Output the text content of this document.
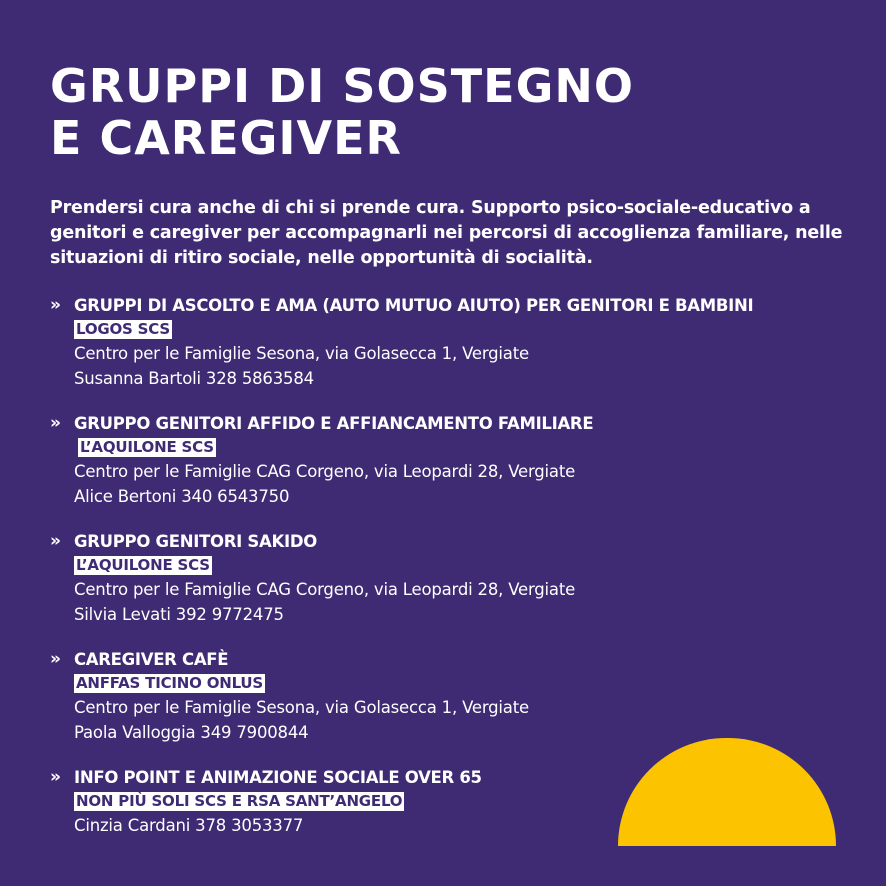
GRUPPI DI SOSTEGNO
E CAREGIVER

Prendersi cura anche di chi si prende cura. Supporto psico-sociale-educativo a genitori e caregiver per accompagnarli nei percorsi di accoglienza familiare, nelle situazioni di ritiro sociale, nelle opportunità di socialità.

» GRUPPI DI ASCOLTO E AMA (AUTO MUTUO AIUTO) PER GENITORI E BAMBINI
LOGOS SCS
Centro per le Famiglie Sesona, via Golasecca 1, Vergiate
Susanna Bartoli 328 5863584
» GRUPPO GENITORI AFFIDO E AFFIANCAMENTO FAMILIARE
L’AQUILONE SCS
Centro per le Famiglie CAG Corgeno, via Leopardi 28, Vergiate
Alice Bertoni 340 6543750
» GRUPPO GENITORI SAKIDO
L’AQUILONE SCS
Centro per le Famiglie CAG Corgeno, via Leopardi 28, Vergiate
Silvia Levati 392 9772475
» CAREGIVER CAFÈ
ANFFAS TICINO ONLUS
Centro per le Famiglie Sesona, via Golasecca 1, Vergiate
Paola Valloggia 349 7900844
» INFO POINT E ANIMAZIONE SOCIALE OVER 65
NON PIÙ SOLI SCS E RSA SANT’ANGELO
Cinzia Cardani 378 3053377
